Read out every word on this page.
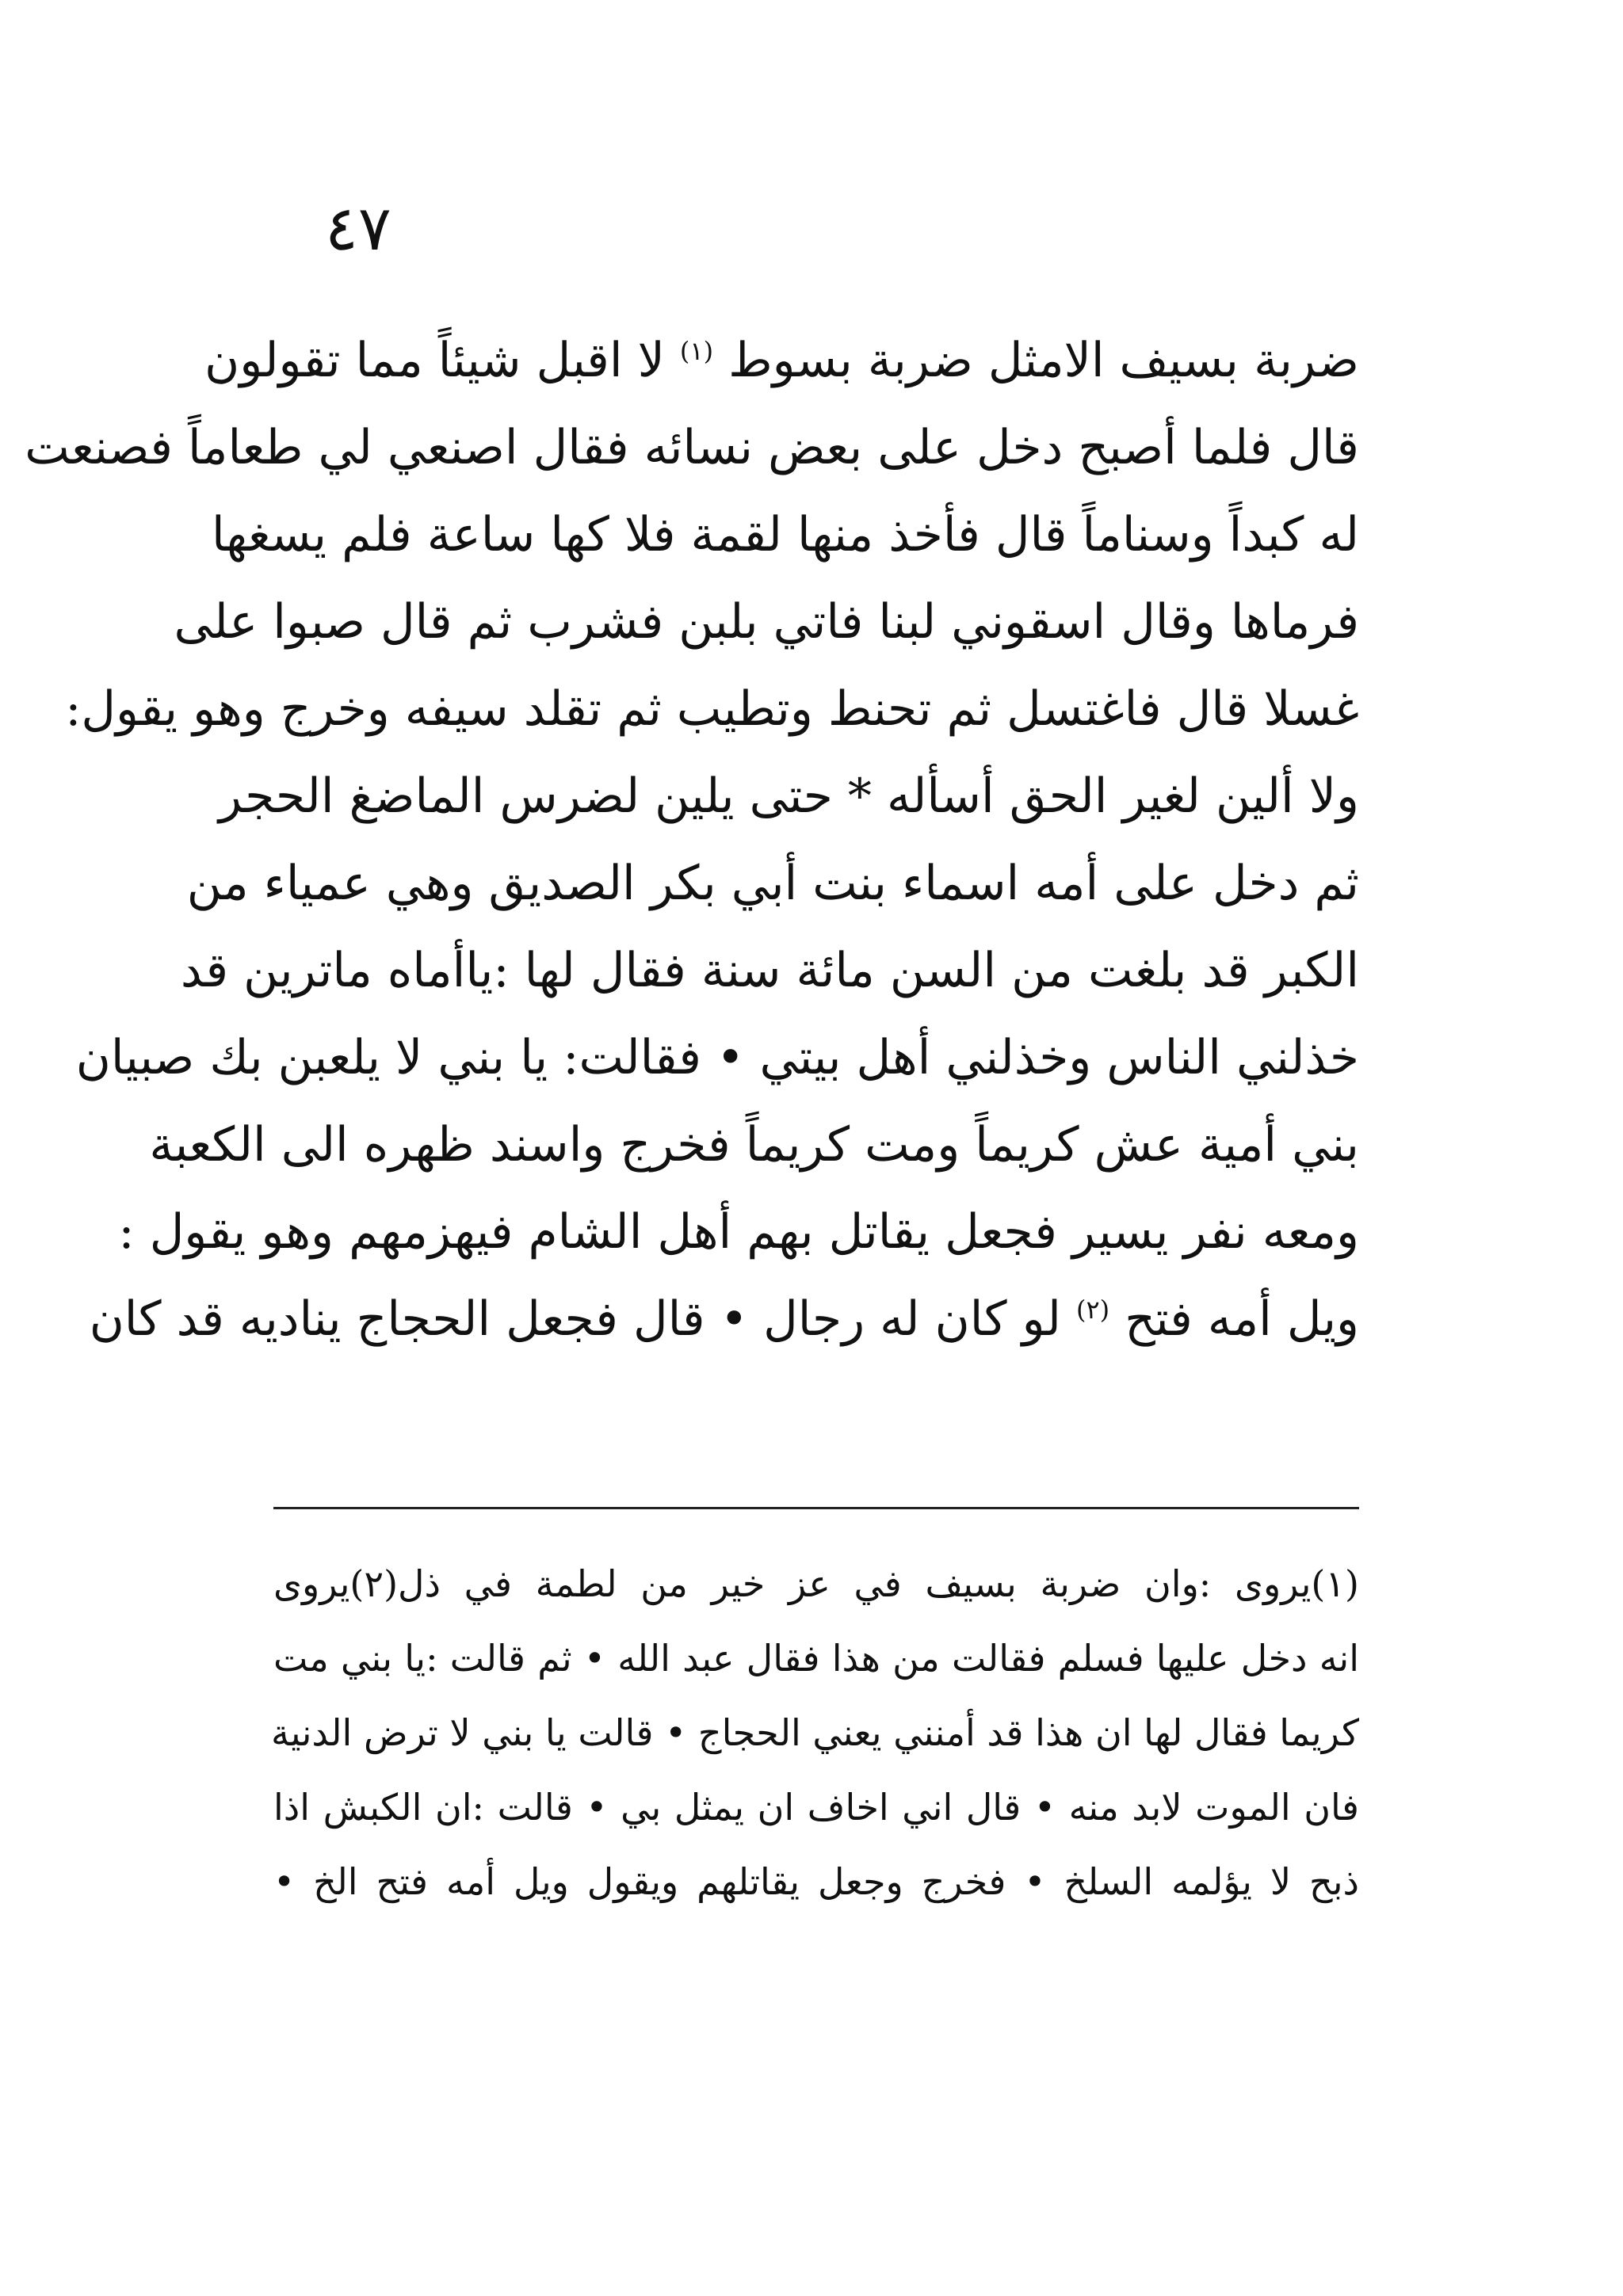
٤٧
ضربة بسيف الامثل ضربة بسوط $^{(١)}$ لا اقبل شيئاً مما تقولون
قال فلما أصبح دخل على بعض نسائه فقال اصنعي لي طعاماً فصنعت
له كبداً وسناماً قال فأخذ منها لقمة فلا كها ساعة فلم يسغها
فرماها وقال اسقوني لبنا فاتي بلبن فشرب ثم قال صبوا على
غسلا قال فاغتسل ثم تحنط وتطيب ثم تقلد سيفه وخرج وهو يقول:
ولا ألين لغير الحق أسأله * حتى يلين لضرس الماضغ الحجر
ثم دخل على أمه اسماء بنت أبي بكر الصديق وهي عمياء من
الكبر قد بلغت من السن مائة سنة فقال لها :ياأماه ماترين قد
خذلني الناس وخذلني أهل بيتي • فقالت: يا بني لا يلعبن بك صبيان
بني أمية عش كريماً ومت كريماً فخرج واسند ظهره الى الكعبة
ومعه نفر يسير فجعل يقاتل بهم أهل الشام فيهزمهم وهو يقول :
ويل أمه فتح $^{(٢)}$ لو كان له رجال • قال فجعل الحجاج يناديه قد كان
(١)يروى :وان ضربة بسيف في عز خير من لطمة في ذل(٢)يروى
انه دخل عليها فسلم فقالت من هذا فقال عبد الله • ثم قالت :يا بني مت
كريما فقال لها ان هذا قد أمنني يعني الحجاج • قالت يا بني لا ترض الدنية
فان الموت لابد منه • قال اني اخاف ان يمثل بي • قالت :ان الكبش اذا
ذبح لا يؤلمه السلخ • فخرج وجعل يقاتلهم ويقول ويل أمه فتح الخ •
